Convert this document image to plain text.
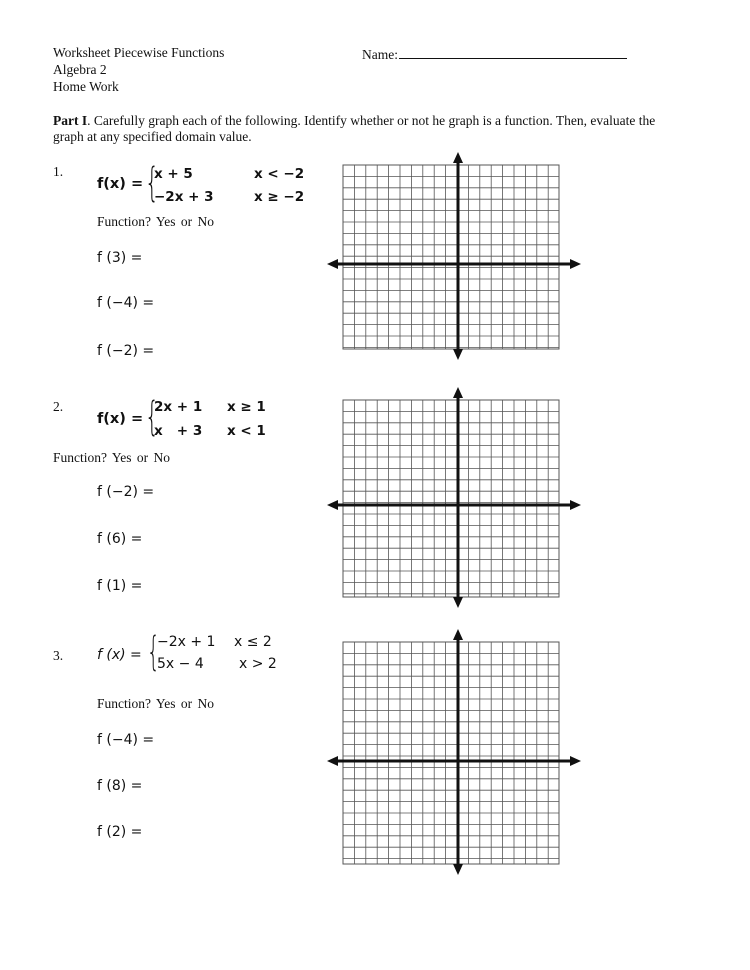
Worksheet Piecewise Functions
Algebra 2
Home Work
Name:
Part I. Carefully graph each of the following. Identify whether or not he graph is a function. Then, evaluate the graph at any specified domain value.
1.
f(x) = {
x + 5	x < −2
−2x + 3	x ≥ −2
Function? Yes or No
f (3) =
f (−4) =
f (−2) =
2.
f(x) = {
2x + 1 x ≥ 1
x   + 3 x < 1
Function? Yes or No
f (−2) =
f (6) =
f (1) =
3. f (x) = {
−2x + 1 x ≤ 2
5x − 4	x > 2
Function? Yes or No
f (−4) =
f (8) =
f (2) =
